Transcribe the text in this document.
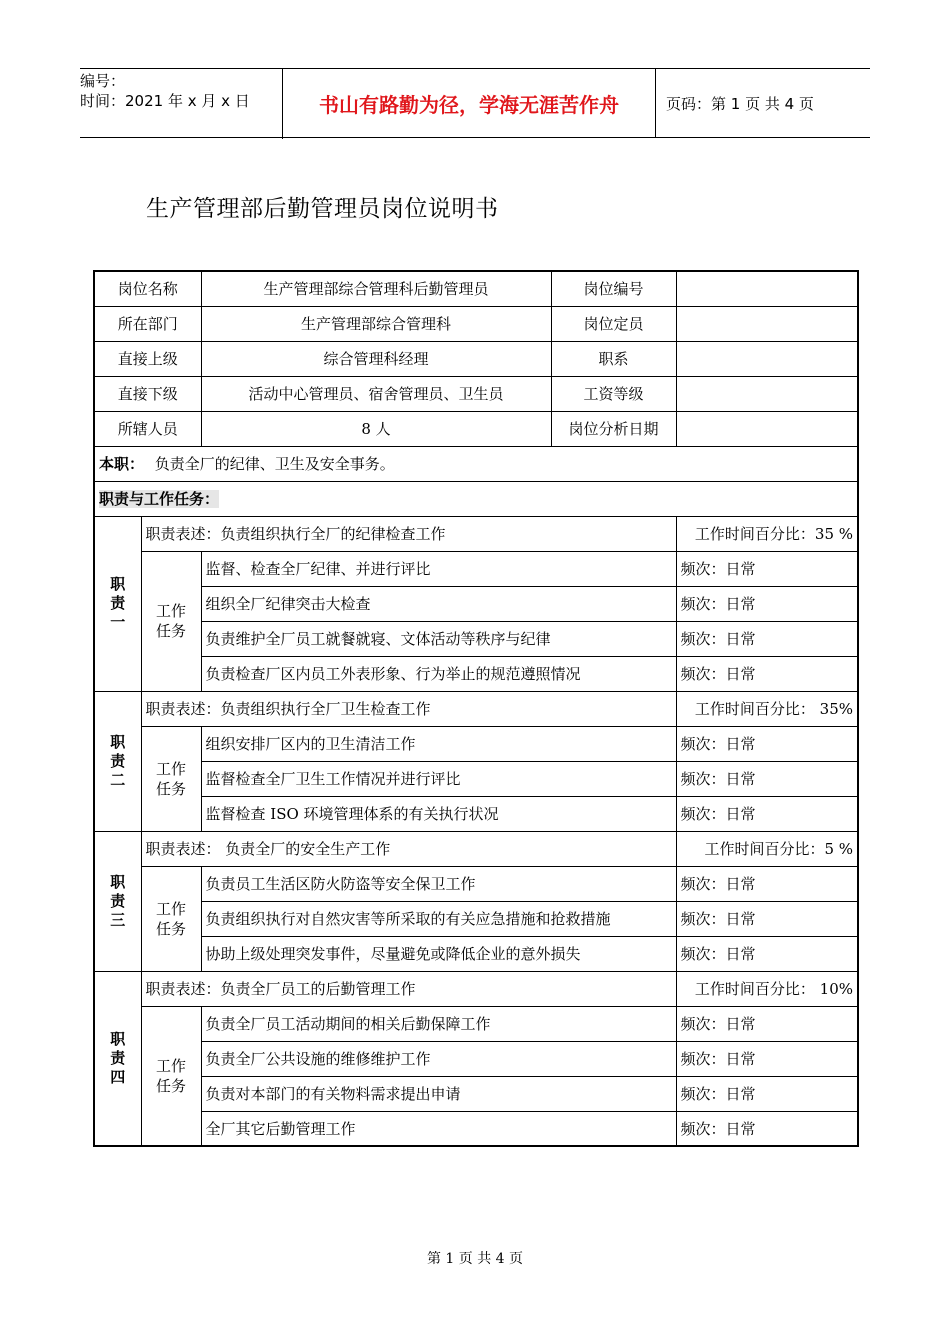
编号：
时间：2021 年 x 月 x 日	书山有路勤为径，学海无涯苦作舟	页码：第 1 页 共 4 页
生产管理部后勤管理员岗位说明书
岗位名称		生产管理部综合管理科后勤管理员	岗位编号	
所在部门		生产管理部综合管理科	岗位定员	
直接上级		综合管理科经理	职系	
直接下级		活动中心管理员、宿舍管理员、卫生员	工资等级	
所辖人员		8 人	岗位分析日期	
本职： 负责全厂的纪律、卫生及安全事务。				
职责与工作任务：				

职责一	职责表述：负责组织执行全厂的纪律检查工作			工作时间百分比：35 %

	工作任务	监督、检查全厂纪律、并进行评比		频次：日常
		组织全厂纪律突击大检查		频次：日常
		负责维护全厂员工就餐就寝、文体活动等秩序与纪律		频次：日常
		负责检查厂区内员工外表形象、行为举止的规范遵照情况		频次：日常

职责二	职责表述：负责组织执行全厂卫生检查工作			工作时间百分比： 35%

	工作任务	组织安排厂区内的卫生清洁工作		频次：日常
		监督检查全厂卫生工作情况并进行评比		频次：日常
		监督检查 ISO 环境管理体系的有关执行状况		频次：日常

职责三	职责表述： 负责全厂的安全生产工作			工作时间百分比：5 %

	工作任务	负责员工生活区防火防盗等安全保卫工作		频次：日常
		负责组织执行对自然灾害等所采取的有关应急措施和抢救措施		频次：日常
		协助上级处理突发事件，尽量避免或降低企业的意外损失		频次：日常

职责四	职责表述：负责全厂员工的后勤管理工作			工作时间百分比： 10%

	工作任务	负责全厂员工活动期间的相关后勤保障工作		频次：日常
		负责全厂公共设施的维修维护工作		频次：日常
		负责对本部门的有关物料需求提出申请		频次：日常
		全厂其它后勤管理工作		频次：日常
第 1 页 共 4 页
